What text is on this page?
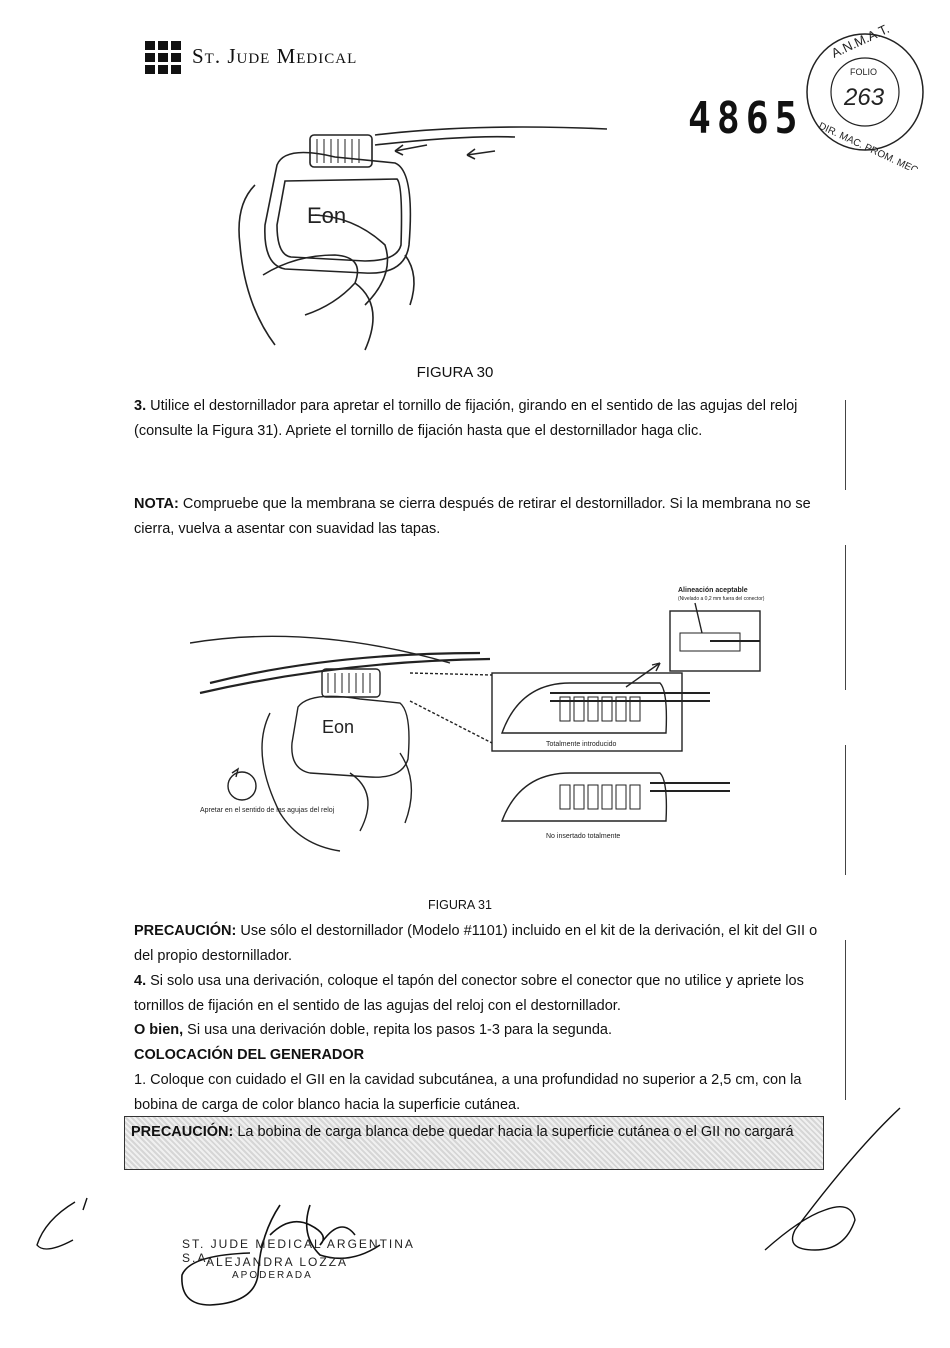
St. Jude Medical
4865
A.N.M.A.T.
FOLIO
263
DIR. MAC. PROM. MEC.
Eon
FIGURA 30
3. Utilice el destornillador para apretar el tornillo de fijación, girando en el sentido de las agujas del reloj (consulte la Figura 31). Apriete el tornillo de fijación hasta que el destornillador haga clic.
NOTA: Compruebe que la membrana se cierra después de retirar el destornillador. Si la membrana no se cierra, vuelva a asentar con suavidad las tapas.
Eon
Apretar en el sentido de las agujas del reloj
Alineación aceptable
(Nivelado a 0,2 mm fuera del conector)
Totalmente introducido
No insertado totalmente
FIGURA 31
PRECAUCIÓN: Use sólo el destornillador (Modelo #1101) incluido en el kit de la derivación, el kit del GII o del propio destornillador.
4. Si solo usa una derivación, coloque el tapón del conector sobre el conector que no utilice y apriete los tornillos de fijación en el sentido de las agujas del reloj con el destornillador.
O bien, Si usa una derivación doble, repita los pasos 1-3 para la segunda.
COLOCACIÓN DEL GENERADOR
1. Coloque con cuidado el GII en la cavidad subcutánea, a una profundidad no superior a 2,5 cm, con la bobina de carga de color blanco hacia la superficie cutánea.
PRECAUCIÓN: La bobina de carga blanca debe quedar hacia la superficie cutánea o el GII no cargará
ST. JUDE MEDICAL ARGENTINA S.A.
ALEJANDRA LOZZA
APODERADA
